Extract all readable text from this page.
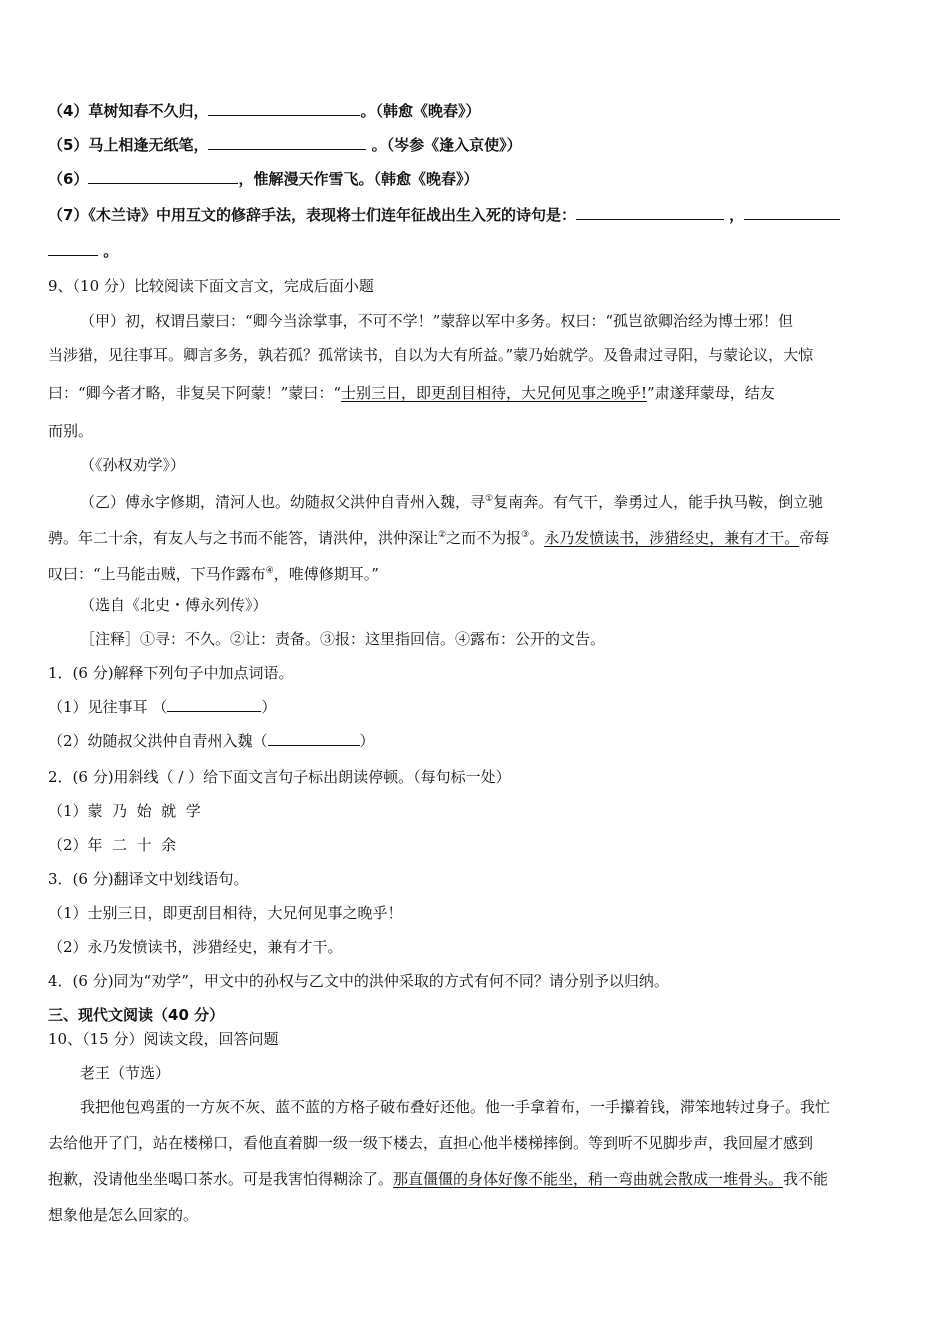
（4）草树知春不久归，	。（韩愈《晚春》）
（5）马上相逢无纸笔，	。（岑参《逢入京使》）
（6）	，惟解漫天作雪飞。（韩愈《晚春》）
（7）《木兰诗》中用互文的修辞手法，表现将士们连年征战出生入死的诗句是：	，
。
9、（10 分）比较阅读下面文言文，完成后面小题
（甲）初，权谓吕蒙曰：“卿今当涂掌事，不可不学！”蒙辞以军中多务。权曰：“孤岂欲卿治经为博士邪！但
当涉猎，见往事耳。卿言多务，孰若孤？孤常读书，自以为大有所益。”蒙乃始就学。及鲁肃过寻阳，与蒙论议，大惊
曰：“卿今者才略，非复吴下阿蒙！”蒙曰：“士别三日，即更刮目相待，大兄何见事之晚乎!”肃遂拜蒙母，结友
而别。
（《孙权劝学》）
（乙）傅永字修期，清河人也。幼随叔父洪仲自青州入魏，寻①复南奔。有气干，拳勇过人，能手执马鞍，倒立驰
骋。年二十余，有友人与之书而不能答，请洪仲，洪仲深让②之而不为报③。永乃发愤读书，涉猎经史，兼有才干。帝每
叹曰：“上马能击贼，下马作露布④，唯傅修期耳。”
（选自《北史・傅永列传》）
［注释］①寻：不久。②让：责备。③报：这里指回信。④露布：公开的文告。
1．(6 分)解释下列句子中加点词语。
（1）见往事耳 （	）
（2）幼随叔父洪仲自青州入魏（	）
2．(6 分)用斜线（ / ）给下面文言句子标出朗读停顿。（每句标一处）
（1）蒙  乃  始  就  学
（2）年  二  十  余
3．(6 分)翻译文中划线语句。
（1）士别三日，即更刮目相待，大兄何见事之晚乎！
（2）永乃发愤读书，涉猎经史，兼有才干。
4．(6 分)同为“劝学”，甲文中的孙权与乙文中的洪仲采取的方式有何不同？请分别予以归纳。
三、现代文阅读（40 分）
10、（15 分）阅读文段，回答问题
老王（节选）
我把他包鸡蛋的一方灰不灰、蓝不蓝的方格子破布叠好还他。他一手拿着布，一手攥着钱，滞笨地转过身子。我忙
去给他开了门，站在楼梯口，看他直着脚一级一级下楼去，直担心他半楼梯摔倒。等到听不见脚步声，我回屋才感到
抱歉，没请他坐坐喝口茶水。可是我害怕得糊涂了。那直僵僵的身体好像不能坐，稍一弯曲就会散成一堆骨头。我不能
想象他是怎么回家的。
